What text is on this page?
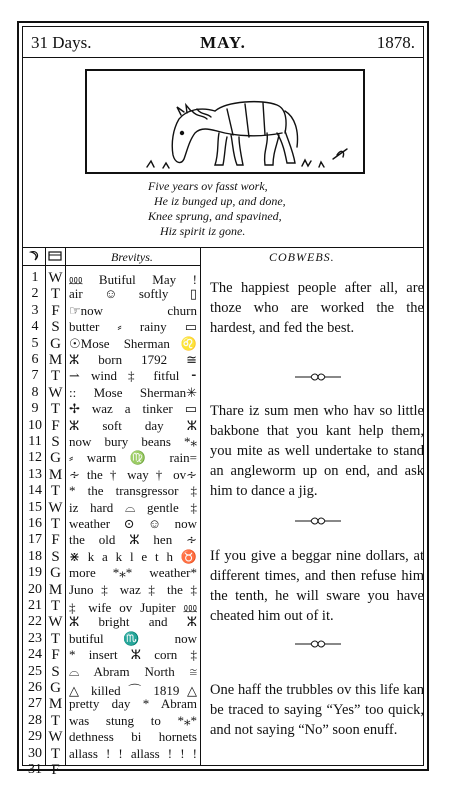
31 Days.	MAY.	1878.
Five years ov fasst work,
He iz bunged up, and done,
Knee sprung, and spavined,
Hiz spirit iz gone.
Brevitys.	COBWEBS.
1 W ⅏ Butiful May !
2 T air ☺ softly ▯
3 F ☞now churn
4 S butter ⸗ rainy ▭
5 G ☉Mose Sherman♌
6 M ⵣ born 1792 ≅
7 T ⇀ wind ‡ fitful ⁃
8 W :: Mose Sherman✳
9 T ✢ waz a tinker ▭
10 F ⵣ soft day ⵣ
11 S now bury beans *⁎
12 G ⸗ warm ♍ rain=
13 M ∻ the † way † ov∻
14 T * the transgressor ‡
15 W iz hard ⌓ gentle ‡
16 T weather ⊙ ☺ now
17 F the old ⵣ hen ∻
18 S ⋇ k a k l e t h ♉
19 G more *⁎* weather*
20 M Juno ‡ waz ‡ the ‡
21 T ‡ wife ov Jupiter ⅏
22 W ⵣ bright and ⵣ
23 T butiful ♏ now
24 F * insert ⵣ corn ‡
25 S ⌓ Abram North ≅
26 G △ killed ⌒ 1819 △
27 M pretty day * Abram
28 T was stung to *⁎*
29 W dethness bi hornets
30 T allass ! ! allass ! ! !
31 F
The happiest people after all, are thoze who are worked the the hardest, and fed the best.
Thare iz sum men who hav so little bakbone that you kant help them, you mite as well undertake to stand an angleworm up on end, and ask him to dance a jig.
If you give a beggar nine dollars, at different times, and then refuse him the tenth, he will sware you have cheated him out of it.
One haff the trubbles ov this life kan be traced to saying “Yes” too quick, and not saying “No” soon enuff.
